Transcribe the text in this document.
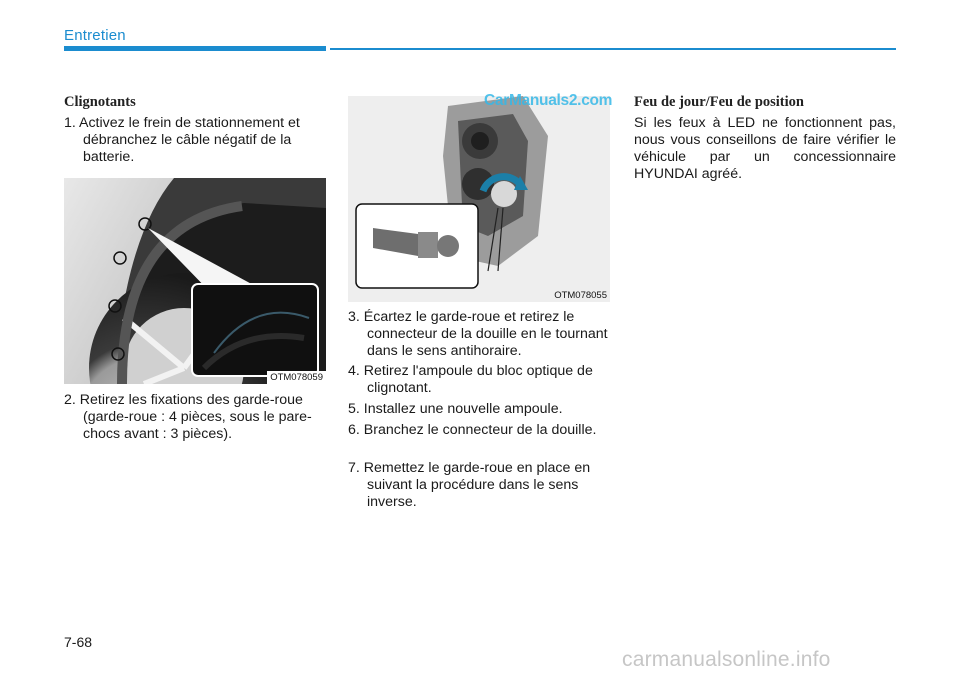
Entretien
Clignotants
1. Activez le frein de stationnement et débranchez le câble négatif de la batterie.
OTM078059
2. Retirez les fixations des garde-roue (garde-roue : 4 pièces, sous le pare-chocs avant : 3 pièces).
OTM078055
CarManuals2.com
3. Écartez le garde-roue et retirez le connecteur de la douille en le tournant dans le sens antihoraire.
4. Retirez l'ampoule du bloc optique de clignotant.
5. Installez une nouvelle ampoule.
6. Branchez le connecteur de la douille.
7. Remettez le garde-roue en place en suivant la procédure dans le sens inverse.
Feu de jour/Feu de position
Si les feux à LED ne fonctionnent pas, nous vous conseillons de faire vérifier le véhicule par un concessionnaire HYUNDAI agréé.
7-68
carmanualsonline.info
